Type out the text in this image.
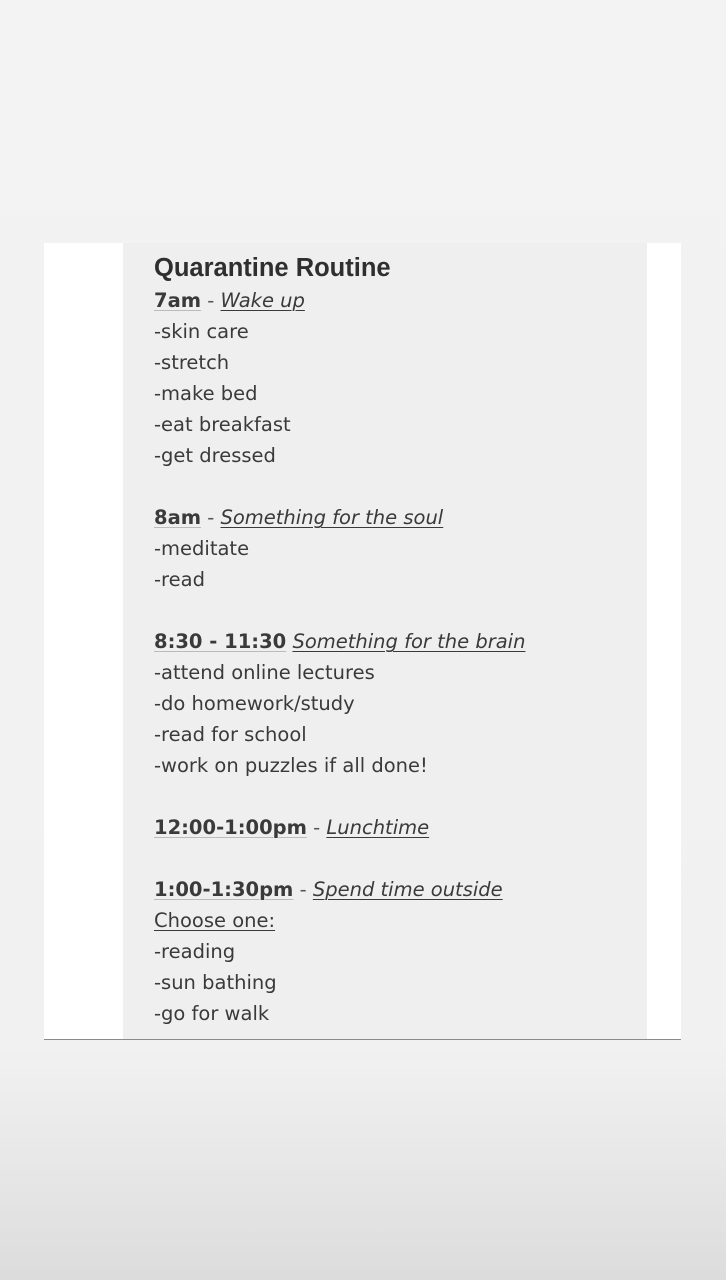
Quarantine Routine
7am - Wake up
-skin care
-stretch
-make bed
-eat breakfast
-get dressed
8am - Something for the soul
-meditate
-read
8:30 - 11:30 Something for the brain
-attend online lectures
-do homework/study
-read for school
-work on puzzles if all done!
12:00-1:00pm - Lunchtime
1:00-1:30pm - Spend time outside
Choose one:
-reading
-sun bathing
-go for walk
